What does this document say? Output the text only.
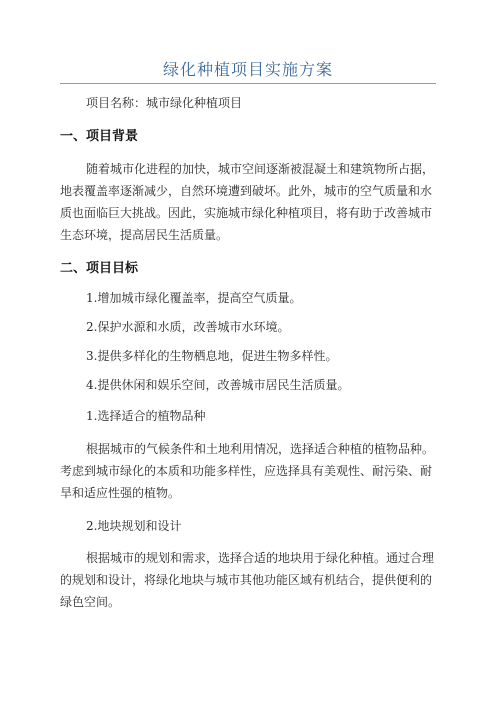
绿化种植项目实施方案

项目名称：城市绿化种植项目

一、项目背景

随着城市化进程的加快，城市空间逐渐被混凝土和建筑物所占据，地表覆盖率逐渐减少，自然环境遭到破坏。此外，城市的空气质量和水质也面临巨大挑战。因此，实施城市绿化种植项目，将有助于改善城市生态环境，提高居民生活质量。

二、项目目标

1.增加城市绿化覆盖率，提高空气质量。

2.保护水源和水质，改善城市水环境。

3.提供多样化的生物栖息地，促进生物多样性。

4.提供休闲和娱乐空间，改善城市居民生活质量。

1.选择适合的植物品种

根据城市的气候条件和土地利用情况，选择适合种植的植物品种。考虑到城市绿化的本质和功能多样性，应选择具有美观性、耐污染、耐旱和适应性强的植物。

2.地块规划和设计

根据城市的规划和需求，选择合适的地块用于绿化种植。通过合理的规划和设计，将绿化地块与城市其他功能区域有机结合，提供便利的绿色空间。
